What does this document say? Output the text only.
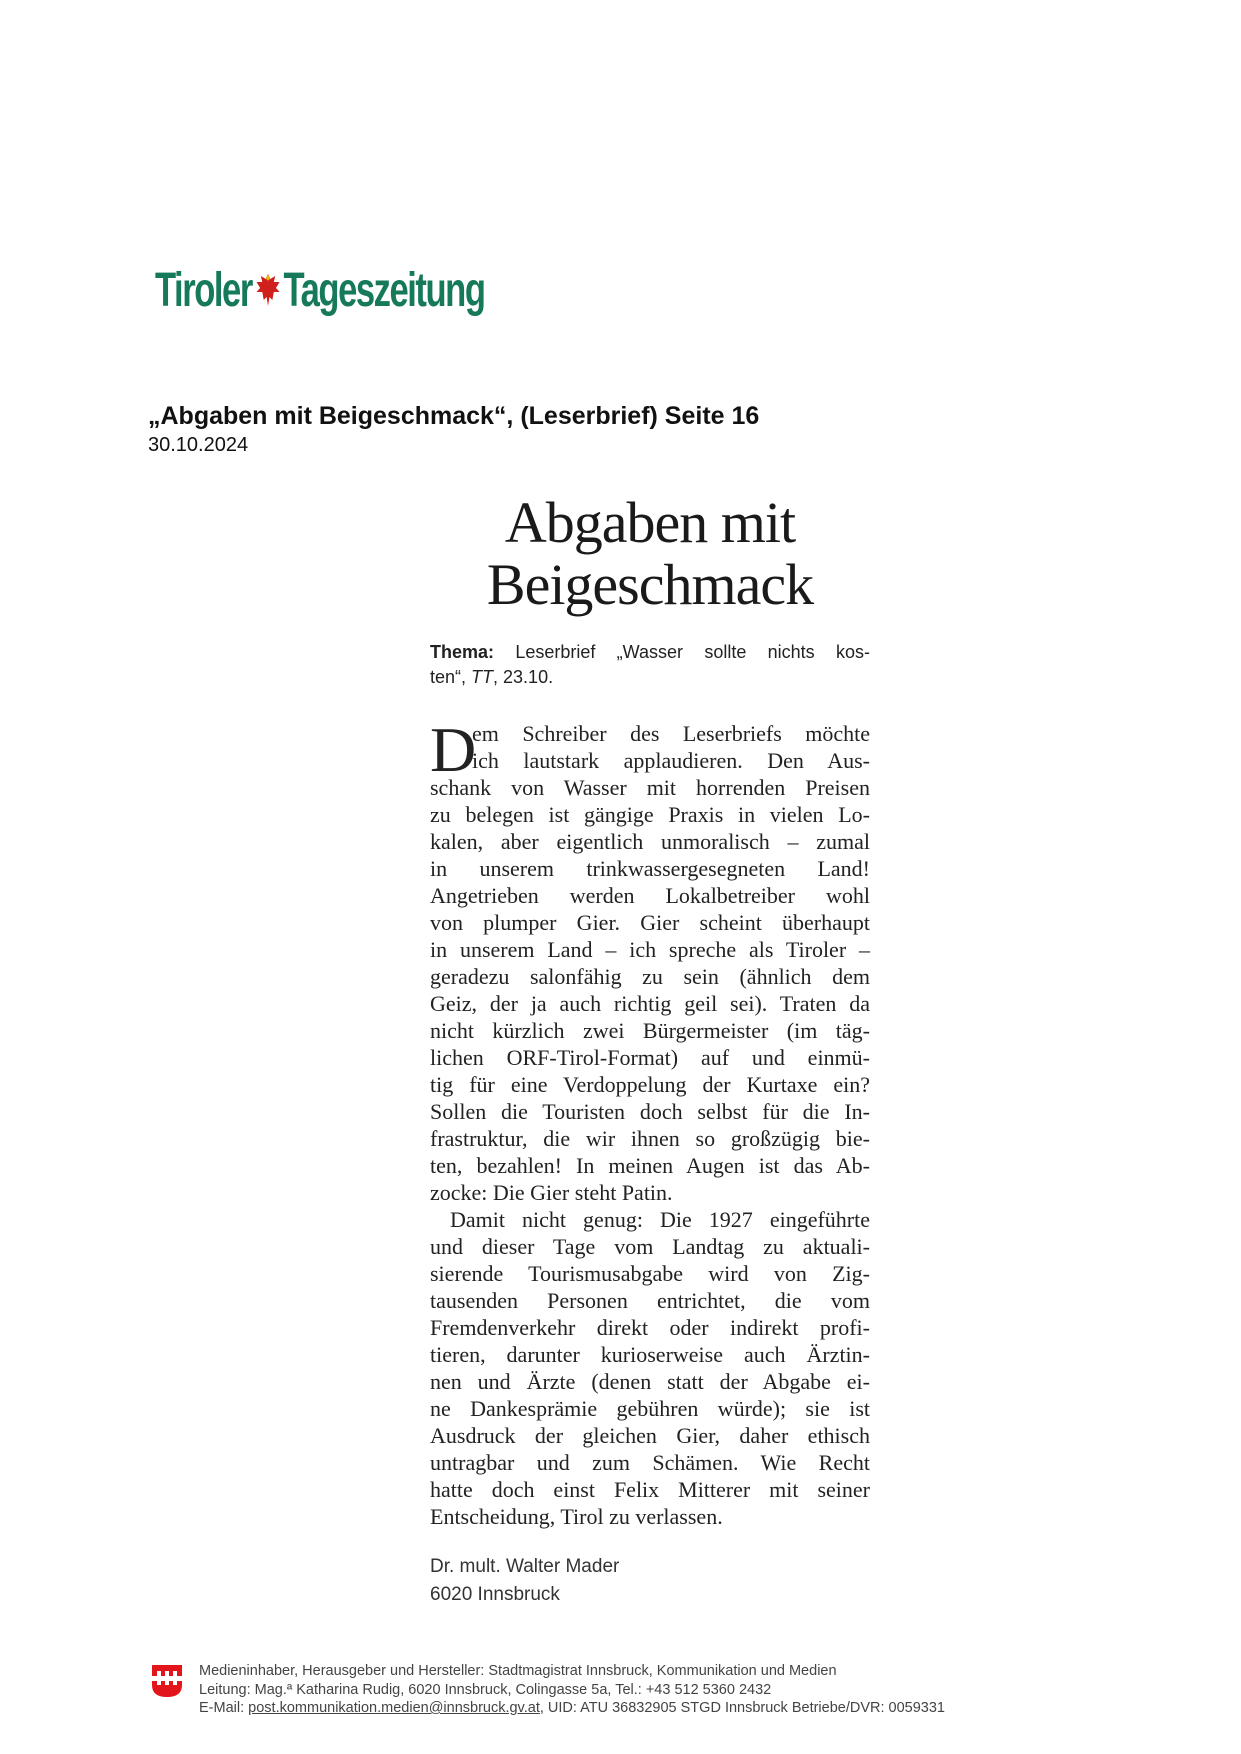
Tiroler Tageszeitung
„Abgaben mit Beigeschmack“, (Leserbrief) Seite 16
30.10.2024
Abgaben mit
Beigeschmack
Thema: Leserbrief „Wasser sollte nichts kos-
ten“, TT, 23.10.
D
em Schreiber des Leserbriefs möchte
ich lautstark applaudieren. Den Aus-
schank von Wasser mit horrenden Preisen
zu belegen ist gängige Praxis in vielen Lo-
kalen, aber eigentlich unmoralisch – zumal
in unserem trinkwassergesegneten Land!
Angetrieben werden Lokalbetreiber wohl
von plumper Gier. Gier scheint überhaupt
in unserem Land – ich spreche als Tiroler –
geradezu salonfähig zu sein (ähnlich dem
Geiz, der ja auch richtig geil sei). Traten da
nicht kürzlich zwei Bürgermeister (im täg-
lichen ORF-Tirol-Format) auf und einmü-
tig für eine Verdoppelung der Kurtaxe ein?
Sollen die Touristen doch selbst für die In-
frastruktur, die wir ihnen so großzügig bie-
ten, bezahlen! In meinen Augen ist das Ab-
zocke: Die Gier steht Patin.
Damit nicht genug: Die 1927 eingeführte
und dieser Tage vom Landtag zu aktuali-
sierende Tourismusabgabe wird von Zig-
tausenden Personen entrichtet, die vom
Fremdenverkehr direkt oder indirekt profi-
tieren, darunter kurioserweise auch Ärztin-
nen und Ärzte (denen statt der Abgabe ei-
ne Dankesprämie gebühren würde); sie ist
Ausdruck der gleichen Gier, daher ethisch
untragbar und zum Schämen. Wie Recht
hatte doch einst Felix Mitterer mit seiner
Entscheidung, Tirol zu verlassen.
Dr. mult. Walter Mader
6020 Innsbruck
Medieninhaber, Herausgeber und Hersteller: Stadtmagistrat Innsbruck, Kommunikation und Medien
Leitung: Mag.ª Katharina Rudig, 6020 Innsbruck, Colingasse 5a, Tel.: +43 512 5360 2432
E-Mail: post.kommunikation.medien@innsbruck.gv.at, UID: ATU 36832905 STGD Innsbruck Betriebe/DVR: 0059331
